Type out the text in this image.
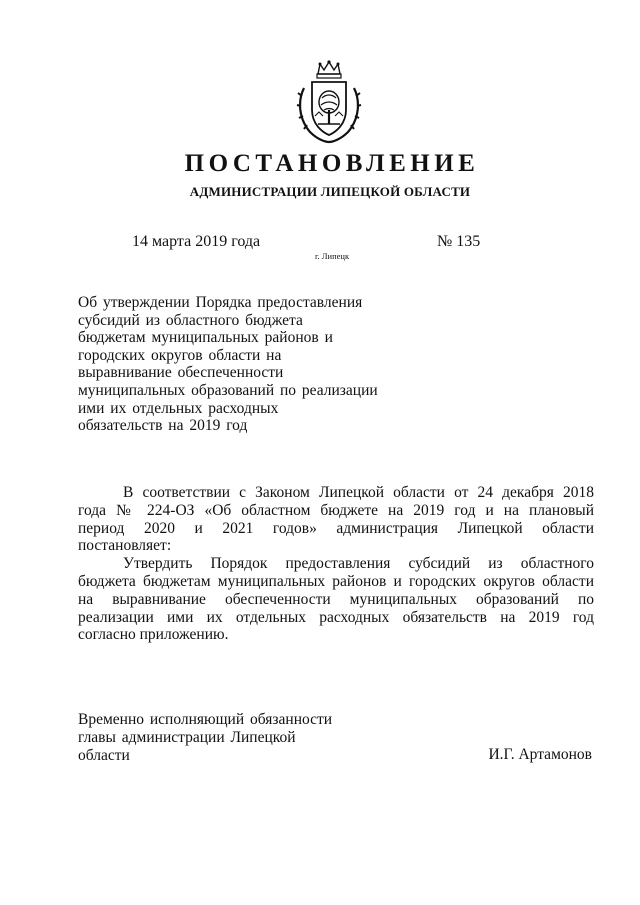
ПОСТАНОВЛЕНИЕ
АДМИНИСТРАЦИИ ЛИПЕЦКОЙ ОБЛАСТИ
14 марта 2019 года
г. Липецк
№ 135
Об утверждении Порядка предоставления
субсидий из областного бюджета
бюджетам муниципальных районов и
городских округов области на
выравнивание обеспеченности
муниципальных образований по реализации
ими их отдельных расходных
обязательств на 2019 год
В соответствии с Законом Липецкой области от 24 декабря 2018
года № 224-ОЗ «Об областном бюджете на 2019 год и на плановый
период 2020 и 2021 годов» администрация Липецкой области
постановляет:
Утвердить Порядок предоставления субсидий из областного
бюджета бюджетам муниципальных районов и городских округов области
на выравнивание обеспеченности муниципальных образований по
реализации ими их отдельных расходных обязательств на 2019 год
согласно приложению.
Временно исполняющий обязанности
главы администрации Липецкой
области	И.Г. Артамонов
